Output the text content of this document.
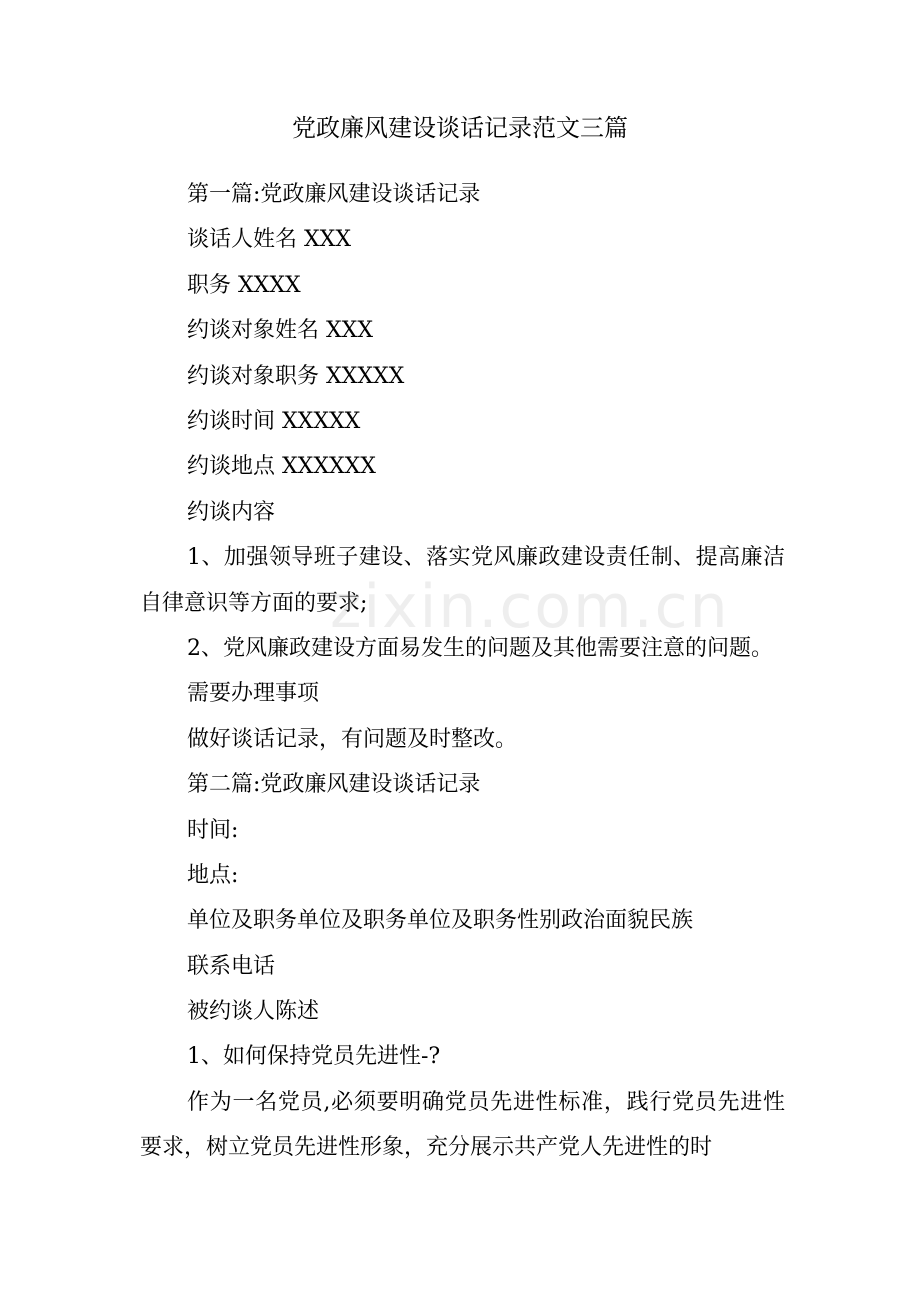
党政廉风建设谈话记录范文三篇
第一篇:党政廉风建设谈话记录
谈话人姓名 XXX
职务 XXXX
约谈对象姓名 XXX
约谈对象职务 XXXXX
约谈时间 XXXXX
约谈地点 XXXXXX
约谈内容
1、加强领导班子建设、落实党风廉政建设责任制、提高廉洁自律意识等方面的要求;
2、党风廉政建设方面易发生的问题及其他需要注意的问题。
需要办理事项
做好谈话记录，有问题及时整改。
第二篇:党政廉风建设谈话记录
时间:
地点:
单位及职务单位及职务单位及职务性别政治面貌民族
联系电话
被约谈人陈述
1、如何保持党员先进性-?
作为一名党员,必须要明确党员先进性标准，践行党员先进性要求，树立党员先进性形象，充分展示共产党人先进性的时
zixin.com.cn
